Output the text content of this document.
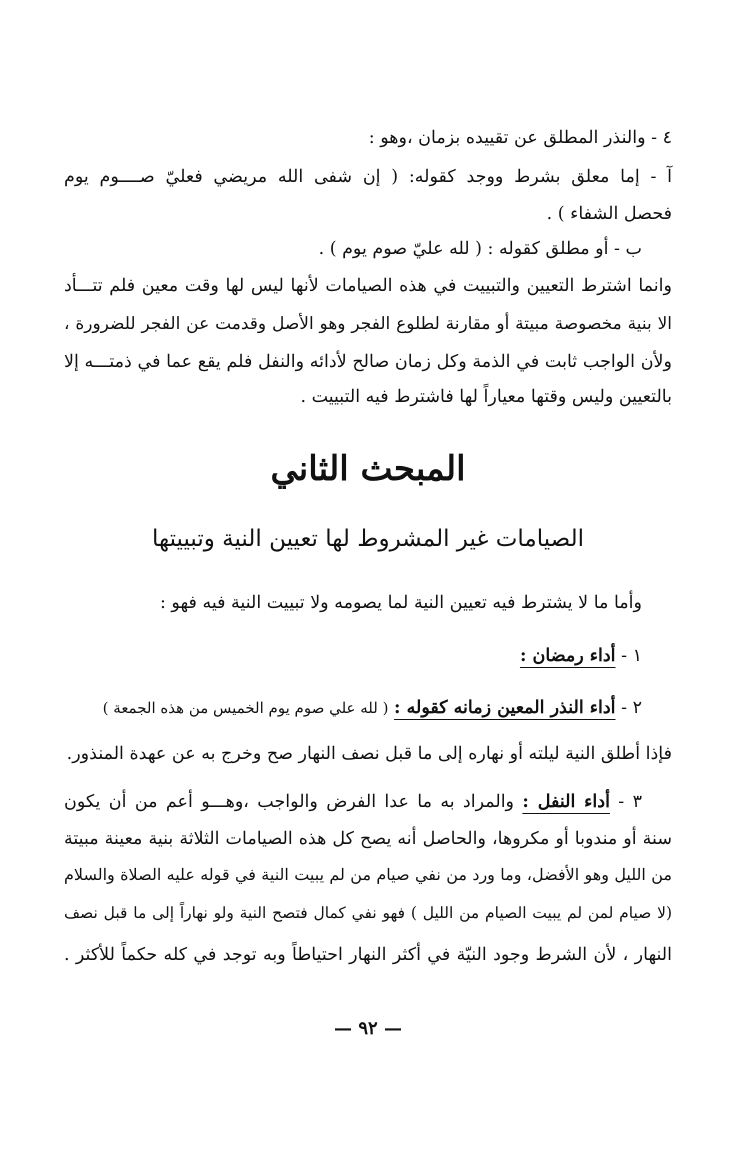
٤ - والنذر المطلق عن تقييده بزمان ،وهو :
آ - إما معلق بشرط ووجد كقوله: ( إن شفى الله مريضي فعليّ صــــوم يوم
فحصل الشفاء ) .
ب - أو مطلق كقوله : ( لله عليّ صوم يوم ) .
وانما اشترط التعيين والتبييت في هذه الصيامات لأنها ليس لها وقت معين فلم تتـــأد
الا بنية مخصوصة مبيتة أو مقارنة لطلوع الفجر وهو الأصل وقدمت عن الفجر للضرورة ،
ولأن الواجب ثابت في الذمة وكل زمان صالح لأدائه والنفل فلم يقع عما في ذمتـــه إلا
بالتعيين وليس وقتها معياراً لها فاشترط فيه التبييت .
المبحث الثاني
الصيامات غير المشروط لها تعيين النية وتبييتها
وأما ما لا يشترط فيه تعيين النية لما يصومه ولا تبييت النية فيه فهو :
١ - أداء رمضان :
٢ - أداء النذر المعين زمانه كقوله : ( لله علي صوم يوم الخميس من هذه الجمعة )
فإذا أطلق النية ليلته أو نهاره إلى ما قبل نصف النهار صح وخرج به عن عهدة المنذور.
٣ - أداء النفل : والمراد به ما عدا الفرض والواجب ،وهـــو أعم من أن يكون
سنة أو مندوبا أو مكروها، والحاصل أنه يصح كل هذه الصيامات الثلاثة بنية معينة مبيتة
من الليل وهو الأفضل، وما ورد من نفي صيام من لم يبيت النية في قوله عليه الصلاة والسلام
(لا صيام لمن لم يبيت الصيام من الليل ) فهو نفي كمال فتصح النية ولو نهاراً إلى ما قبل نصف
النهار ، لأن الشرط وجود النيّة في أكثر النهار احتياطاً وبه توجد في كله حكماً للأكثر .
— ٩٢ —
